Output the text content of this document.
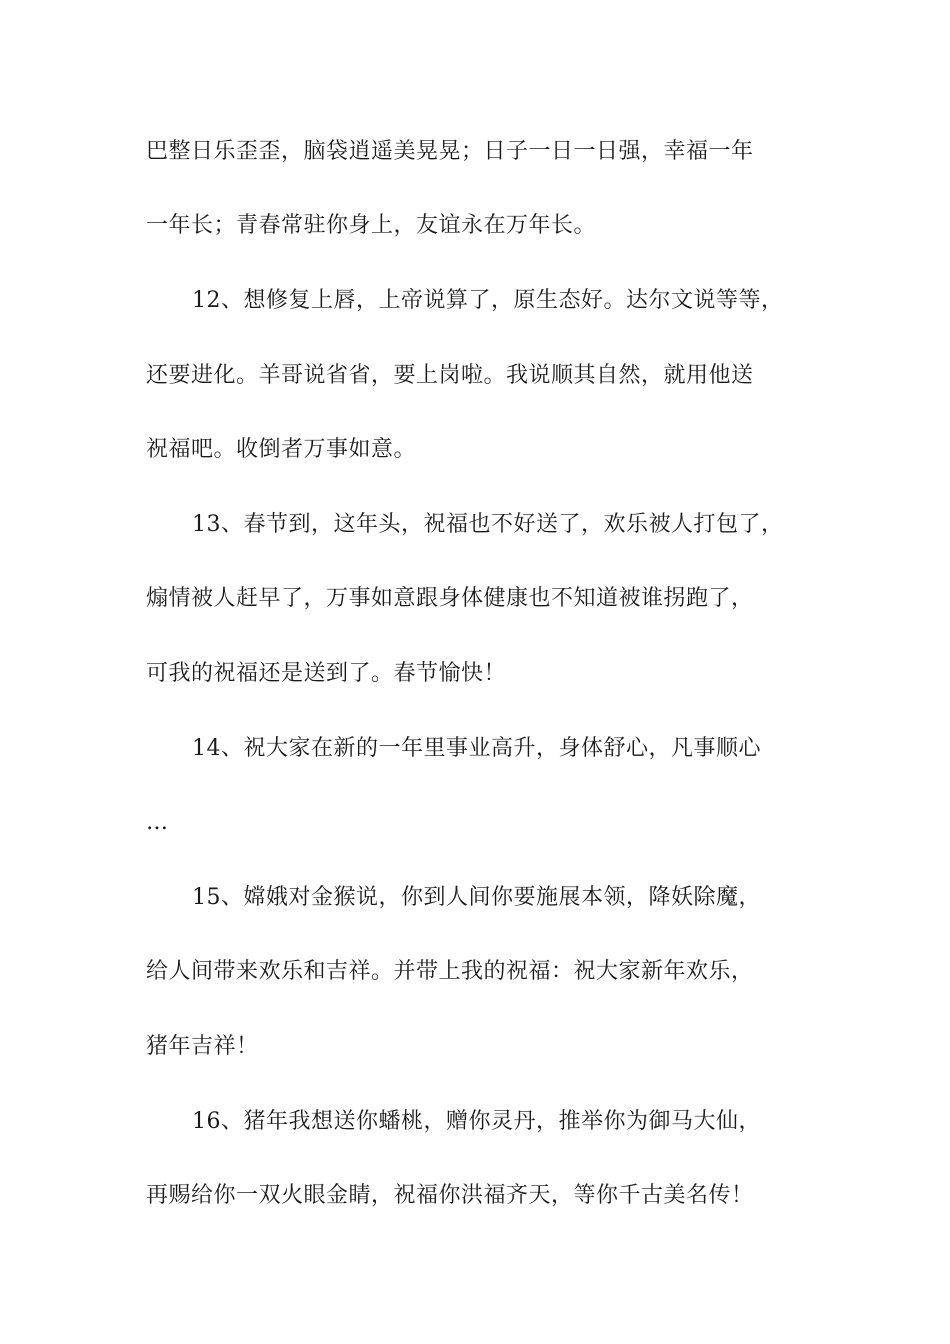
巴整日乐歪歪，脑袋逍遥美晃晃；日子一日一日强，幸福一年
一年长；青春常驻你身上，友谊永在万年长。
12、想修复上唇，上帝说算了，原生态好。达尔文说等等，
还要进化。羊哥说省省，要上岗啦。我说顺其自然，就用他送
祝福吧。收倒者万事如意。
13、春节到，这年头，祝福也不好送了，欢乐被人打包了，
煽情被人赶早了，万事如意跟身体健康也不知道被谁拐跑了，
可我的祝福还是送到了。春节愉快！
14、祝大家在新的一年里事业高升，身体舒心，凡事顺心
…
15、嫦娥对金猴说，你到人间你要施展本领，降妖除魔，
给人间带来欢乐和吉祥。并带上我的祝福：祝大家新年欢乐，
猪年吉祥！
16、猪年我想送你蟠桃，赠你灵丹，推举你为御马大仙，
再赐给你一双火眼金睛，祝福你洪福齐天，等你千古美名传！
